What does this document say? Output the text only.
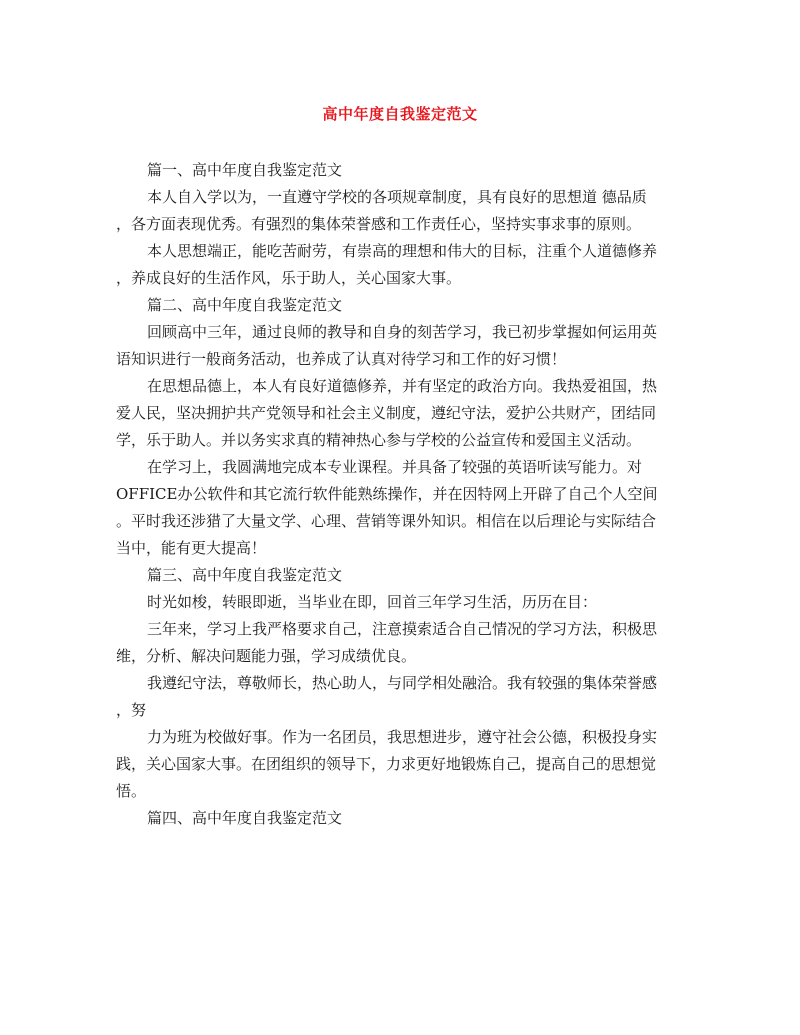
高中年度自我鉴定范文
篇一、高中年度自我鉴定范文
本人自入学以为，一直遵守学校的各项规章制度，具有良好的思想道 德品质
，各方面表现优秀。有强烈的集体荣誉感和工作责任心，坚持实事求事的原则。
本人思想端正，能吃苦耐劳，有崇高的理想和伟大的目标，注重个人道德修养
，养成良好的生活作风，乐于助人，关心国家大事。
篇二、高中年度自我鉴定范文
回顾高中三年，通过良师的教导和自身的刻苦学习，我已初步掌握如何运用英
语知识进行一般商务活动，也养成了认真对待学习和工作的好习惯！
在思想品德上，本人有良好道德修养，并有坚定的政治方向。我热爱祖国，热
爱人民，坚决拥护共产党领导和社会主义制度，遵纪守法，爱护公共财产，团结同
学，乐于助人。并以务实求真的精神热心参与学校的公益宣传和爱国主义活动。
在学习上，我圆满地完成本专业课程。并具备了较强的英语听读写能力。对
OFFICE办公软件和其它流行软件能熟练操作，并在因特网上开辟了自己个人空间
。平时我还涉猎了大量文学、心理、营销等课外知识。相信在以后理论与实际结合
当中，能有更大提高！
篇三、高中年度自我鉴定范文
时光如梭，转眼即逝，当毕业在即，回首三年学习生活，历历在目：
三年来，学习上我严格要求自己，注意摸索适合自己情况的学习方法，积极思
维，分析、解决问题能力强，学习成绩优良。
我遵纪守法，尊敬师长，热心助人，与同学相处融洽。我有较强的集体荣誉感
，努
力为班为校做好事。作为一名团员，我思想进步，遵守社会公德，积极投身实
践，关心国家大事。在团组织的领导下，力求更好地锻炼自己，提高自己的思想觉
悟。
篇四、高中年度自我鉴定范文
